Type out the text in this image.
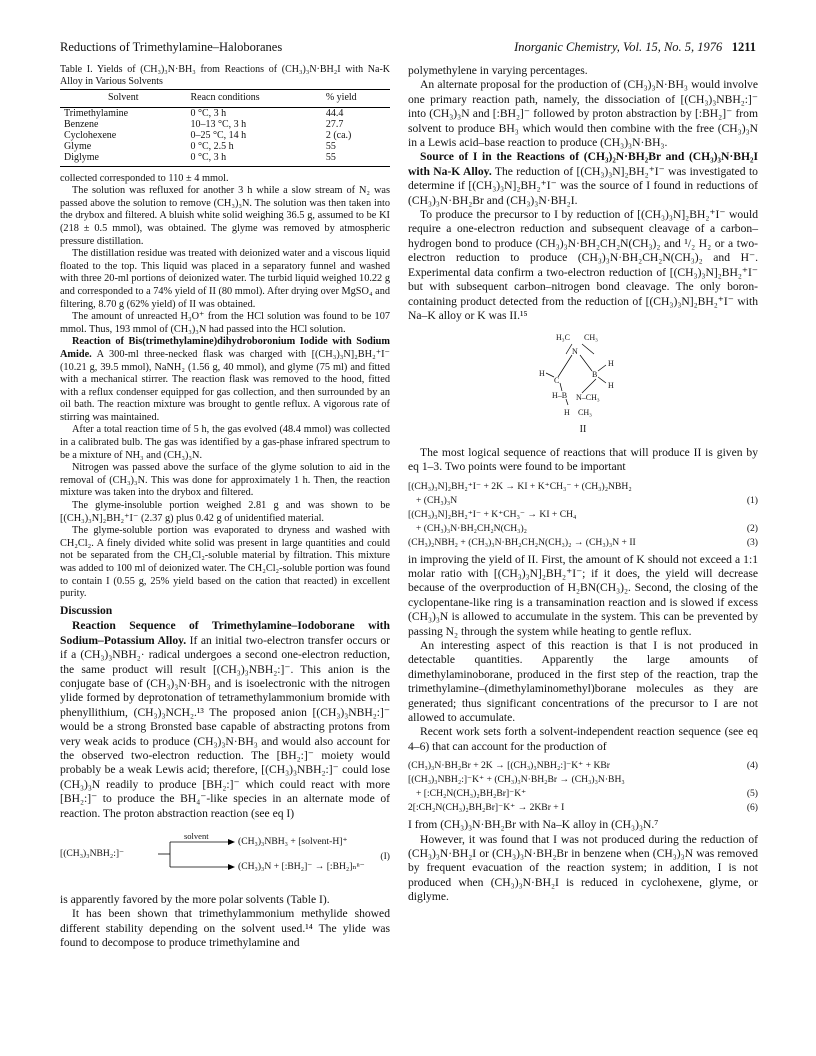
Reductions of Trimethylamine–Haloboranes	Inorganic Chemistry, Vol. 15, No. 5, 1976 1211
Table I. Yields of (CH₃)₃N·BH₃ from Reactions of (CH₃)₃N·BH₂I with Na-K Alloy in Various Solvents
Solvent	Reacn conditions	% yield
Trimethylamine	0 °C, 3 h	44.4
Benzene	10–13 °C, 3 h	27.7
Cyclohexene	0–25 °C, 14 h	2 (ca.)
Glyme	0 °C, 2.5 h	55
Diglyme	0 °C, 3 h	55

collected corresponded to 110 ± 4 mmol.

The solution was refluxed for another 3 h while a slow stream of N₂ was passed above the solution to remove (CH₃)₃N. The solution was then taken into the drybox and filtered. A bluish white solid weighing 36.5 g, assumed to be KI (218 ± 0.5 mmol), was obtained. The glyme was removed by atmospheric pressure distillation.

The distillation residue was treated with deionized water and a viscous liquid floated to the top. This liquid was placed in a separatory funnel and washed with three 20-ml portions of deionized water. The turbid liquid weighed 10.22 g and corresponded to a 74% yield of II (80 mmol). After drying over MgSO₄ and filtering, 8.70 g (62% yield) of II was obtained.

The amount of unreacted H₃O⁺ from the HCl solution was found to be 107 mmol. Thus, 193 mmol of (CH₃)₃N had passed into the HCl solution.

Reaction of Bis(trimethylamine)dihydroboronium Iodide with Sodium Amide. A 300-ml three-necked flask was charged with [(CH₃)₃N]₂BH₂⁺I⁻ (10.21 g, 39.5 mmol), NaNH₂ (1.56 g, 40 mmol), and glyme (75 ml) and fitted with a mechanical stirrer. The reaction flask was removed to the hood, fitted with a reflux condenser equipped for gas collection, and then surrounded by an oil bath. The reaction mixture was brought to gentle reflux. A vigorous rate of stirring was maintained.

After a total reaction time of 5 h, the gas evolved (48.4 mmol) was collected in a calibrated bulb. The gas was identified by a gas-phase infrared spectrum to be a mixture of NH₃ and (CH₃)₃N.

Nitrogen was passed above the surface of the glyme solution to aid in the removal of (CH₃)₃N. This was done for approximately 1 h. Then, the reaction mixture was taken into the drybox and filtered.

The glyme-insoluble portion weighed 2.81 g and was shown to be [(CH₃)₃N]₂BH₂⁺I⁻ (2.37 g) plus 0.42 g of unidentified material.

The glyme-soluble portion was evaporated to dryness and washed with CH₂Cl₂. A finely divided white solid was present in large quantities and could not be separated from the CH₂Cl₂-soluble material by filtration. This mixture was added to 100 ml of deionized water. The CH₂Cl₂-soluble portion was found to contain I (0.55 g, 25% yield based on the cation that reacted) in excellent purity.

Discussion

Reaction Sequence of Trimethylamine–Iodoborane with Sodium–Potassium Alloy. If an initial two-electron transfer occurs or if a (CH₃)₃NBH₂· radical undergoes a second one-electron reduction, the same product will result [(CH₃)₃NBH₂:]⁻. This anion is the conjugate base of (CH₃)₃N·BH₃ and is isoelectronic with the nitrogen ylide formed by deprotonation of tetramethylammonium bromide with phenyllithium, (CH₃)₃NCH₂.¹³ The proposed anion [(CH₃)₃NBH₂:]⁻ would be a strong Bronsted base capable of abstracting protons from very weak acids to produce (CH₃)₃N·BH₃ and would also account for the observed two-electron reduction. The [BH₂:]⁻ moiety would probably be a weak Lewis acid; therefore, [(CH₃)₃NBH₂:]⁻ could lose (CH₃)₃N readily to produce [BH₂:]⁻ which could react with more [BH₂:]⁻ to produce the BH₄⁻-like species in an alternate mode of reaction. The proton abstraction reaction (see eq I)

[(CH₃)₃NBH₂:]⁻
solvent	(CH₃)₃NBH₃ + [solvent-H]⁺
(CH₃)₃N + [:BH₂]⁻ → [:BH₂]ₙⁿ⁻
(I)

is apparently favored by the more polar solvents (Table I).

It has been shown that trimethylammonium methylide showed different stability depending on the solvent used.¹⁴ The ylide was found to decompose to produce trimethylamine and

polymethylene in varying percentages.

An alternate proposal for the production of (CH₃)₃N·BH₃ would involve one primary reaction path, namely, the dissociation of [(CH₃)₃NBH₂:]⁻ into (CH₃)₃N and [:BH₂]⁻ followed by proton abstraction by [:BH₂]⁻ from solvent to produce BH₃ which would then combine with the free (CH₃)₃N in a Lewis acid–base reaction to produce (CH₃)₃N·BH₃.

Source of I in the Reactions of (CH₃)₂N·BH₂Br and (CH₃)₃N·BH₂I with Na-K Alloy. The reduction of [(CH₃)₃N]₂BH₂⁺I⁻ was investigated to determine if [(CH₃)₃N]₂BH₂⁺I⁻ was the source of I found in reductions of (CH₃)₃N·BH₂Br and (CH₃)₃N·BH₂I.

To produce the precursor to I by reduction of [(CH₃)₃N]₂BH₂⁺I⁻ would require a one-electron reduction and subsequent cleavage of a carbon–hydrogen bond to produce (CH₃)₃N·BH₂CH₂N(CH₃)₂ and ¹/₂ H₂ or a two-electron reduction to produce (CH₃)₃N·BH₂CH₂N(CH₃)₂ and H⁻. Experimental data confirm a two-electron reduction of [(CH₃)₃N]₂BH₂⁺I⁻ but with subsequent carbon–nitrogen bond cleavage. The only boron-containing product detected from the reduction of [(CH₃)₃N]₂BH₂⁺I⁻ with Na–K alloy or K was II.¹⁵

H₃C CH₃
N
B
H
H
C
H
H–B N–CH₃
H CH₃
II

The most logical sequence of reactions that will produce II is given by eq 1–3. Two points were found to be important

[(CH₃)₃N]₂BH₂⁺I⁻ + 2K → KI + K⁺CH₃⁻ + (CH₃)₂NBH₂
+ (CH₃)₃N	(1)
[(CH₃)₃N]₂BH₂⁺I⁻ + K⁺CH₃⁻ → KI + CH₄
+ (CH₃)₃N·BH₂CH₂N(CH₃)₂	(2)
(CH₃)₂NBH₂ + (CH₃)₃N·BH₂CH₂N(CH₃)₂ → (CH₃)₃N + II	(3)

in improving the yield of II. First, the amount of K should not exceed a 1:1 molar ratio with [(CH₃)₃N]₂BH₂⁺I⁻; if it does, the yield will decrease because of the overproduction of H₂BN(CH₃)₂. Second, the closing of the cyclopentane-like ring is a transamination reaction and is slowed if excess (CH₃)₃N is allowed to accumulate in the system. This can be prevented by passing N₂ through the system while heating to gentle reflux.

An interesting aspect of this reaction is that I is not produced in detectable quantities. Apparently the large amounts of dimethylaminoborane, produced in the first step of the reaction, trap the trimethylamine–(dimethylaminomethyl)borane molecules as they are generated; thus significant concentrations of the precursor to I are not allowed to accumulate.

Recent work sets forth a solvent-independent reaction sequence (see eq 4–6) that can account for the production of

(CH₃)₃N·BH₂Br + 2K → [(CH₃)₃NBH₂:]⁻K⁺ + KBr	(4)
[(CH₃)₃NBH₂:]⁻K⁺ + (CH₃)₃N·BH₂Br → (CH₃)₃N·BH₃
+ [:CH₂N(CH₃)₂BH₂Br]⁻K⁺	(5)
2[:CH₂N(CH₃)₂BH₂Br]⁻K⁺ → 2KBr + I	(6)

I from (CH₃)₃N·BH₂Br with Na–K alloy in (CH₃)₃N.⁷

However, it was found that I was not produced during the reduction of (CH₃)₃N·BH₂I or (CH₃)₃N·BH₂Br in benzene when (CH₃)₃N was removed by frequent evacuation of the reaction system; in addition, I is not produced when (CH₃)₃N·BH₂I is reduced in cyclohexene, glyme, or diglyme.
